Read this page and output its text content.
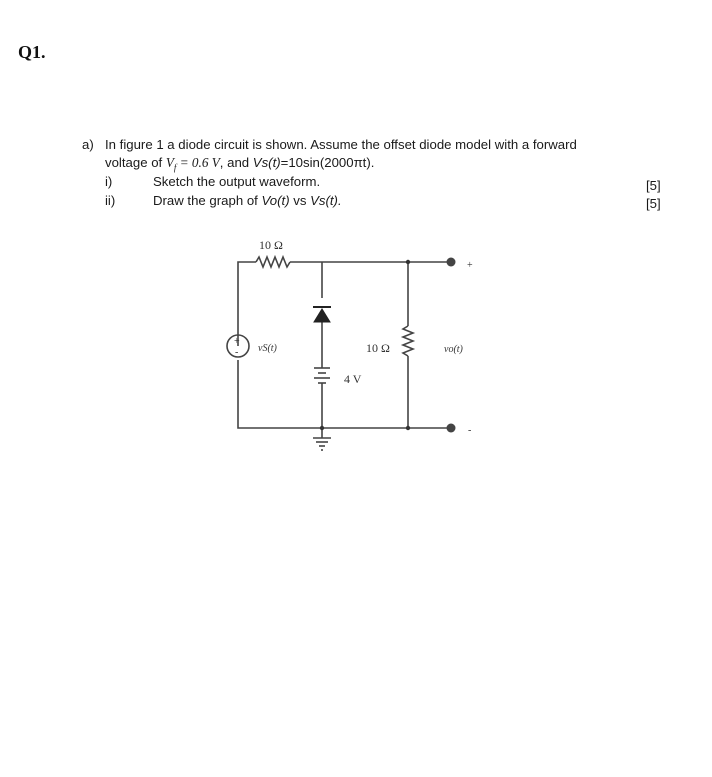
Q1.
a) In figure 1 a diode circuit is shown. Assume the offset diode model with a forward
voltage of $V_f = 0.6$ V, and Vs(t)=10sin(2000πt).
i)	Sketch the output waveform.	[5]
ii)	Draw the graph of Vo(t) vs Vs(t).	[5]
10 Ω
+
- vS(t)	10 Ω
4 V
vo(t)
+
-
